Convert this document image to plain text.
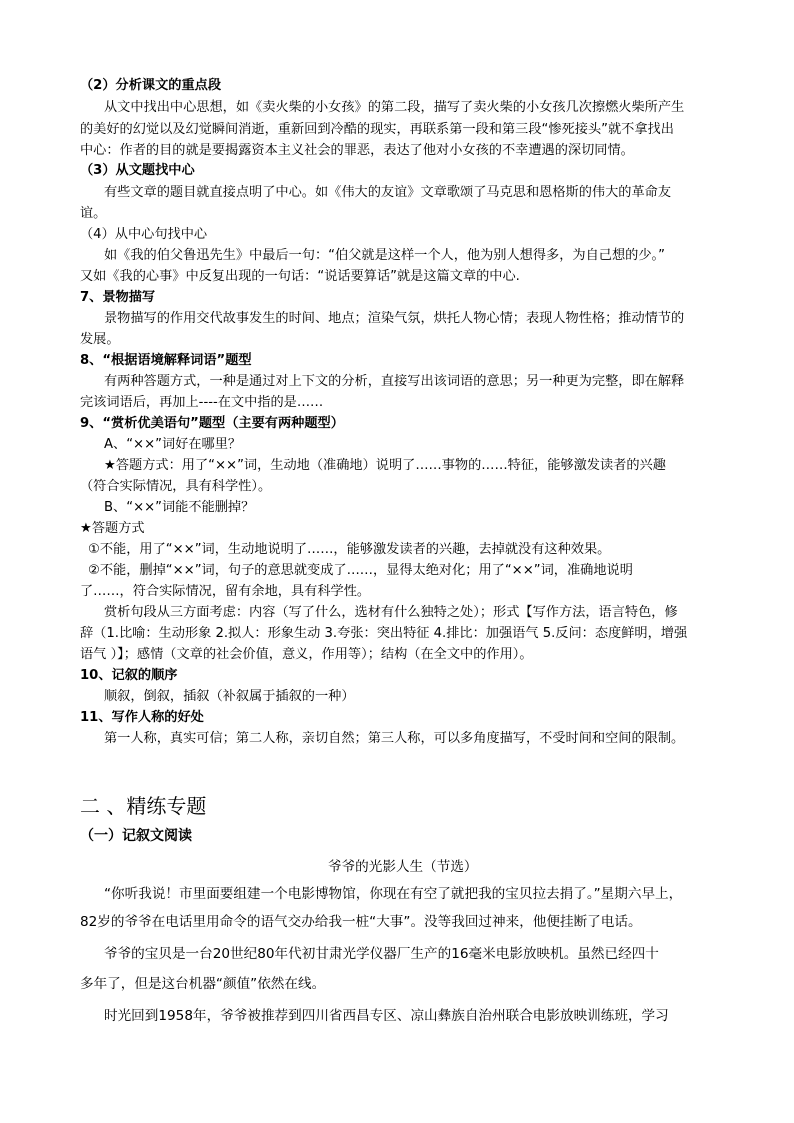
（2）分析课文的重点段
从文中找出中心思想，如《卖火柴的小女孩》的第二段，描写了卖火柴的小女孩几次擦燃火柴所产生
的美好的幻觉以及幻觉瞬间消逝，重新回到冷酷的现实，再联系第一段和第三段“惨死接头”就不拿找出
中心：作者的目的就是要揭露资本主义社会的罪恶，表达了他对小女孩的不幸遭遇的深切同情。
（3）从文题找中心
有些文章的题目就直接点明了中心。如《伟大的友谊》文章歌颂了马克思和恩格斯的伟大的革命友
谊。
（4）从中心句找中心
如《我的伯父鲁迅先生》中最后一句：“伯父就是这样一个人，他为别人想得多，为自己想的少。”
又如《我的心事》中反复出现的一句话：“说话要算话”就是这篇文章的中心.
7、景物描写
景物描写的作用交代故事发生的时间、地点；渲染气氛，烘托人物心情；表现人物性格；推动情节的
发展。
8、“根据语境解释词语”题型
有两种答题方式，一种是通过对上下文的分析，直接写出该词语的意思；另一种更为完整，即在解释
完该词语后，再加上----在文中指的是……
9、“赏析优美语句”题型（主要有两种题型）
A、“××”词好在哪里？
★答题方式：用了“××”词，生动地（准确地）说明了……事物的……特征，能够激发读者的兴趣
（符合实际情况，具有科学性）。
B、“××”词能不能删掉？
★答题方式
①不能，用了“××”词，生动地说明了……，能够激发读者的兴趣，去掉就没有这种效果。
②不能，删掉“××”词，句子的意思就变成了……，显得太绝对化；用了“××”词，准确地说明
了……，符合实际情况，留有余地，具有科学性。
赏析句段从三方面考虑：内容（写了什么，选材有什么独特之处）；形式【写作方法，语言特色，修
辞（1.比喻：生动形象 2.拟人：形象生动 3.夸张：突出特征 4.排比：加强语气 5.反问：态度鲜明，增强
语气 ）】；感情（文章的社会价值，意义，作用等）；结构（在全文中的作用）。
10、记叙的顺序
顺叙，倒叙，插叙（补叙属于插叙的一种）
11、写作人称的好处
第一人称，真实可信；第二人称，亲切自然；第三人称，可以多角度描写，不受时间和空间的限制。
二 、精练专题
（一）记叙文阅读
爷爷的光影人生（节选）
“你听我说！市里面要组建一个电影博物馆，你现在有空了就把我的宝贝拉去捐了。”星期六早上，
82岁的爷爷在电话里用命令的语气交办给我一桩“大事”。没等我回过神来，他便挂断了电话。
爷爷的宝贝是一台20世纪80年代初甘肃光学仪器厂生产的16毫米电影放映机。虽然已经四十
多年了，但是这台机器“颜值”依然在线。
时光回到1958年，爷爷被推荐到四川省西昌专区、凉山彝族自治州联合电影放映训练班，学习
